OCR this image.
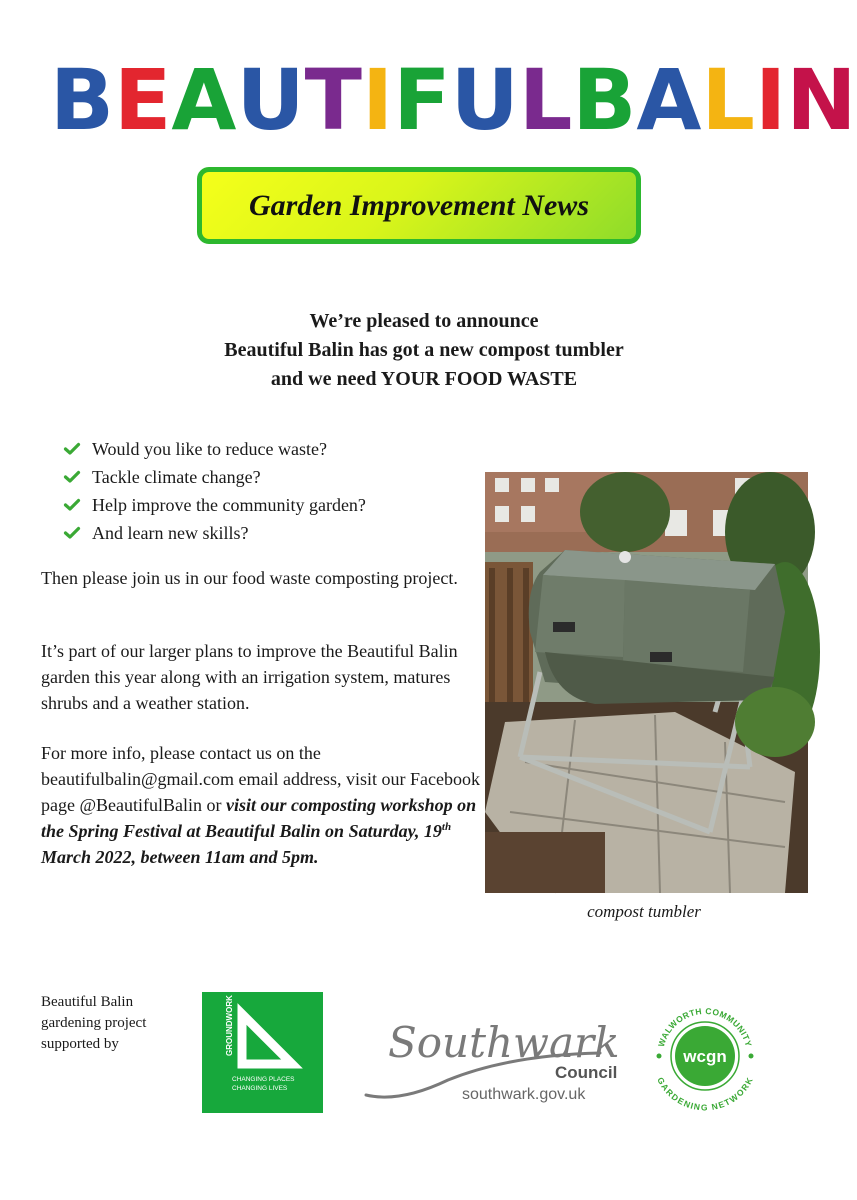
B E A U T I F U L B A L I N
Garden Improvement News
We’re pleased to announce
Beautiful Balin has got a new compost tumbler
and we need YOUR FOOD WASTE
Would you like to reduce waste?
Tackle climate change?
Help improve the community garden?
And learn new skills?

Then please join us in our food waste composting project.

It’s part of our larger plans to improve the Beautiful Balin garden this year along with an irrigation system, matures shrubs and a weather station.

For more info, please contact us on the beautifulbalin@gmail.com email address, visit our Facebook page @BeautifulBalin or visit our composting workshop on the Spring Festival at Beautiful Balin on Saturday, 19th March 2022, between 11am and 5pm.

compost tumbler
Beautiful Balin
gardening project
supported by	GROUNDWORK
CHANGING PLACES
CHANGING LIVES
Southwark
Council
southwark.gov.uk
wcgn
WALWORTH COMMUNITY
GARDENING NETWORK
